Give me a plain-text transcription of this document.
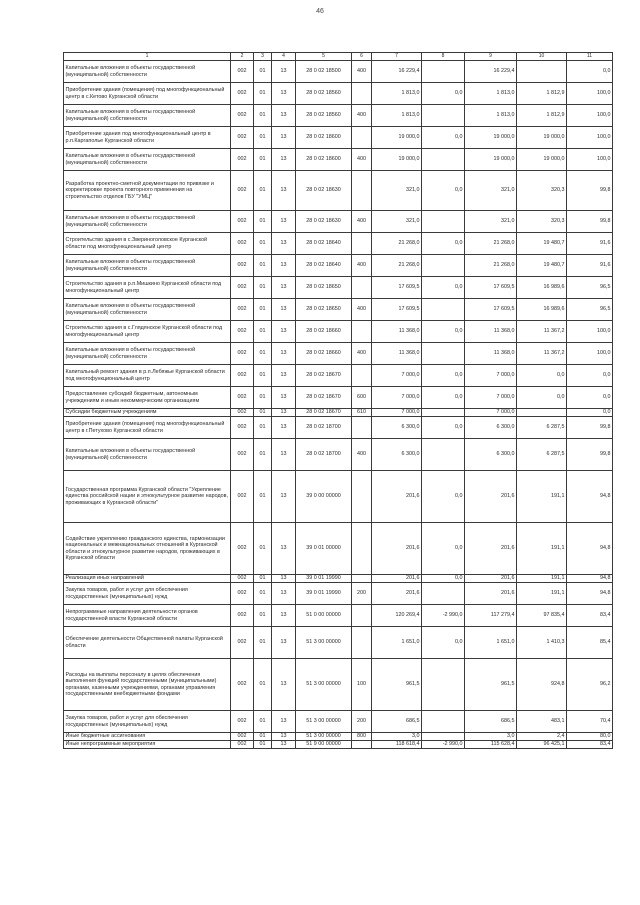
46
1	2	3	4	5	6	7	8	9	10	11
Капитальные вложения в объекты государственной (муниципальной) собственности	002	01	13	28 0 02 18500	400	16 229,4		16 229,4		0,0
Приобретение здания (помещения) под многофункциональный центр в с.Кетово Курганской области	002	01	13	28 0 02 18560		1 813,0	0,0	1 813,0	1 812,9	100,0
Капитальные вложения в объекты государственной (муниципальной) собственности	002	01	13	28 0 02 18560	400	1 813,0		1 813,0	1 812,9	100,0
Приобретение здания под многофункциональный центр в р.п.Каргаполье Курганской области	002	01	13	28 0 02 18600		19 000,0	0,0	19 000,0	19 000,0	100,0
Капитальные вложения в объекты государственной (муниципальной) собственности	002	01	13	28 0 02 18600	400	19 000,0		19 000,0	19 000,0	100,0
Разработка проектно-сметной документации по привязке и корректировке проекта повторного применения на строительство отделов ГБУ "УМЦ"	002	01	13	28 0 02 18630		321,0	0,0	321,0	320,3	99,8
Капитальные вложения в объекты государственной (муниципальной) собственности	002	01	13	28 0 02 18630	400	321,0		321,0	320,3	99,8
Строительство здания в с.Звериноголовское Курганской области под многофункциональный центр	002	01	13	28 0 02 18640		21 268,0	0,0	21 268,0	19 480,7	91,6
Капитальные вложения в объекты государственной (муниципальной) собственности	002	01	13	28 0 02 18640	400	21 268,0		21 268,0	19 480,7	91,6
Строительство здания в р.п.Мишкино Курганской области под многофункциональный центр	002	01	13	28 0 02 18650		17 609,5	0,0	17 609,5	16 989,6	96,5
Капитальные вложения в объекты государственной (муниципальной) собственности	002	01	13	28 0 02 18650	400	17 609,5		17 609,5	16 989,6	96,5
Строительство здания в с.Глядянское Курганской области под многофункциональный центр	002	01	13	28 0 02 18660		11 368,0	0,0	11 368,0	11 367,2	100,0
Капитальные вложения в объекты государственной (муниципальной) собственности	002	01	13	28 0 02 18660	400	11 368,0		11 368,0	11 367,2	100,0
Капитальный ремонт здания в р.п.Лебяжье Курганской области под многофункциональный центр	002	01	13	28 0 02 18670		7 000,0	0,0	7 000,0	0,0	0,0
Предоставление субсидий бюджетным, автономным учреждениям и иным некоммерческим организациям	002	01	13	28 0 02 18670	600	7 000,0	0,0	7 000,0	0,0	0,0
Субсидии бюджетным учреждениям	002	01	13	28 0 02 18670	610	7 000,0		7 000,0		0,0
Приобретение здания (помещения) под многофункциональный центр в г.Петухово Курганской области	002	01	13	28 0 02 18700		6 300,0	0,0	6 300,0	6 287,5	99,8
Капитальные вложения в объекты государственной (муниципальной) собственности	002	01	13	28 0 02 18700	400	6 300,0		6 300,0	6 287,5	99,8
Государственная программа Курганской области "Укрепление единства российской нации и этнокультурное развитие народов, проживающих в Курганской области"	002	01	13	39 0 00 00000		201,6	0,0	201,6	191,1	94,8
Содействие укреплению гражданского единства, гармонизации национальных и межнациональных отношений в Курганской области и этнокультурное развитие народов, проживающих в Курганской области	002	01	13	39 0 01 00000		201,6	0,0	201,6	191,1	94,8
Реализация иных направлений	002	01	13	39 0 01 19990		201,6	0,0	201,6	191,1	94,8
Закупка товаров, работ и услуг для обеспечения государственных (муниципальных) нужд	002	01	13	39 0 01 19990	200	201,6		201,6	191,1	94,8
Непрограммные направления деятельности органов государственной власти Курганской области	002	01	13	51 0 00 00000		120 269,4	-2 990,0	117 279,4	97 835,4	83,4
Обеспечение деятельности Общественной палаты Курганской области	002	01	13	51 3 00 00000		1 651,0	0,0	1 651,0	1 410,3	85,4
Расходы на выплаты персоналу в целях обеспечения выполнения функций государственными (муниципальными) органами, казенными учреждениями, органами управления государственными внебюджетными фондами	002	01	13	51 3 00 00000	100	961,5		961,5	924,8	96,2
Закупка товаров, работ и услуг для обеспечения государственных (муниципальных) нужд	002	01	13	51 3 00 00000	200	686,5		686,5	483,1	70,4
Иные бюджетные ассигнования	002	01	13	51 3 00 00000	800	3,0		3,0	2,4	80,0
Иные непрограммные мероприятия	002	01	13	51 9 00 00000		118 618,4	-2 990,0	115 628,4	96 425,1	83,4
